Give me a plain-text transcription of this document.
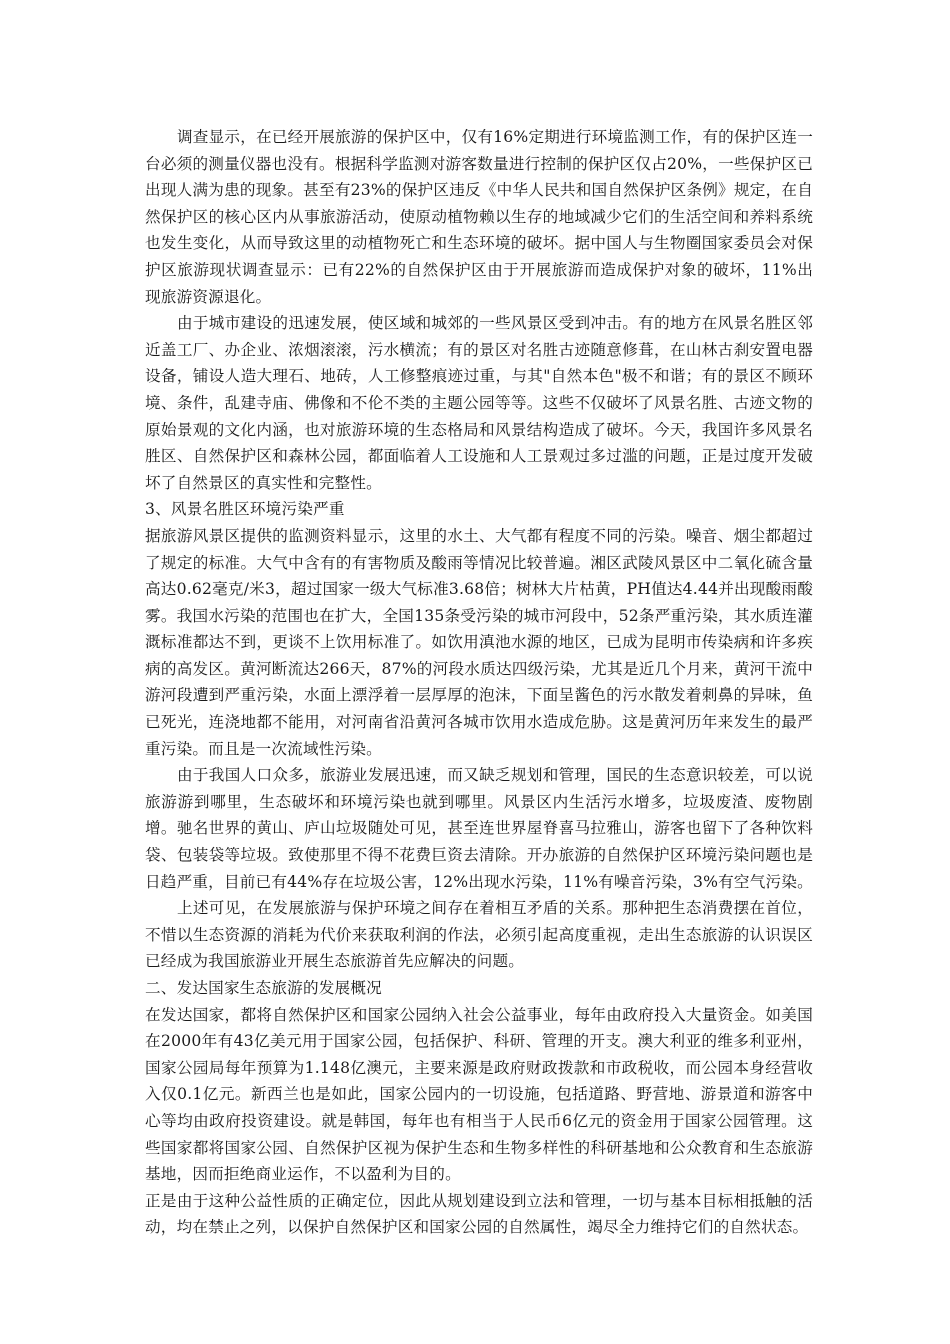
调查显示，在已经开展旅游的保护区中，仅有16%定期进行环境监测工作，有的保护区连一台必须的测量仪器也没有。根据科学监测对游客数量进行控制的保护区仅占20%，一些保护区已出现人满为患的现象。甚至有23%的保护区违反《中华人民共和国自然保护区条例》规定，在自然保护区的核心区内从事旅游活动，使原动植物赖以生存的地域减少它们的生活空间和养料系统也发生变化，从而导致这里的动植物死亡和生态环境的破坏。据中国人与生物圈国家委员会对保护区旅游现状调查显示：已有22%的自然保护区由于开展旅游而造成保护对象的破坏，11%出现旅游资源退化。

由于城市建设的迅速发展，使区域和城郊的一些风景区受到冲击。有的地方在风景名胜区邻近盖工厂、办企业、浓烟滚滚，污水横流；有的景区对名胜古迹随意修葺，在山林古刹安置电器设备，铺设人造大理石、地砖，人工修整痕迹过重，与其"自然本色"极不和谐；有的景区不顾环境、条件，乱建寺庙、佛像和不伦不类的主题公园等等。这些不仅破坏了风景名胜、古迹文物的原始景观的文化内涵，也对旅游环境的生态格局和风景结构造成了破坏。今天，我国许多风景名胜区、自然保护区和森林公园，都面临着人工设施和人工景观过多过滥的问题，正是过度开发破坏了自然景区的真实性和完整性。

3、风景名胜区环境污染严重

据旅游风景区提供的监测资料显示，这里的水土、大气都有程度不同的污染。噪音、烟尘都超过了规定的标准。大气中含有的有害物质及酸雨等情况比较普遍。湘区武陵风景区中二氧化硫含量高达0.62毫克/米3，超过国家一级大气标准3.68倍；树林大片枯黄，PH值达4.44并出现酸雨酸雾。我国水污染的范围也在扩大，全国135条受污染的城市河段中，52条严重污染，其水质连灌溉标准都达不到，更谈不上饮用标准了。如饮用滇池水源的地区，已成为昆明市传染病和许多疾病的高发区。黄河断流达266天，87%的河段水质达四级污染，尤其是近几个月来，黄河干流中游河段遭到严重污染，水面上漂浮着一层厚厚的泡沫，下面呈酱色的污水散发着刺鼻的异味，鱼已死光，连浇地都不能用，对河南省沿黄河各城市饮用水造成危胁。这是黄河历年来发生的最严重污染。而且是一次流域性污染。

由于我国人口众多，旅游业发展迅速，而又缺乏规划和管理，国民的生态意识较差，可以说旅游游到哪里，生态破坏和环境污染也就到哪里。风景区内生活污水增多，垃圾废渣、废物剧增。驰名世界的黄山、庐山垃圾随处可见，甚至连世界屋脊喜马拉雅山，游客也留下了各种饮料袋、包装袋等垃圾。致使那里不得不花费巨资去清除。开办旅游的自然保护区环境污染问题也是日趋严重，目前已有44%存在垃圾公害，12%出现水污染，11%有噪音污染，3%有空气污染。

上述可见，在发展旅游与保护环境之间存在着相互矛盾的关系。那种把生态消费摆在首位，不惜以生态资源的消耗为代价来获取利润的作法，必须引起高度重视，走出生态旅游的认识误区已经成为我国旅游业开展生态旅游首先应解决的问题。

二、发达国家生态旅游的发展概况

在发达国家，都将自然保护区和国家公园纳入社会公益事业，每年由政府投入大量资金。如美国在2000年有43亿美元用于国家公园，包括保护、科研、管理的开支。澳大利亚的维多利亚州，国家公园局每年预算为1.148亿澳元，主要来源是政府财政拨款和市政税收，而公园本身经营收入仅0.1亿元。新西兰也是如此，国家公园内的一切设施，包括道路、野营地、游景道和游客中心等均由政府投资建设。就是韩国，每年也有相当于人民币6亿元的资金用于国家公园管理。这些国家都将国家公园、自然保护区视为保护生态和生物多样性的科研基地和公众教育和生态旅游基地，因而拒绝商业运作，不以盈利为目的。

正是由于这种公益性质的正确定位，因此从规划建设到立法和管理，一切与基本目标相抵触的活动，均在禁止之列，以保护自然保护区和国家公园的自然属性，竭尽全力维持它们的自然状态。
